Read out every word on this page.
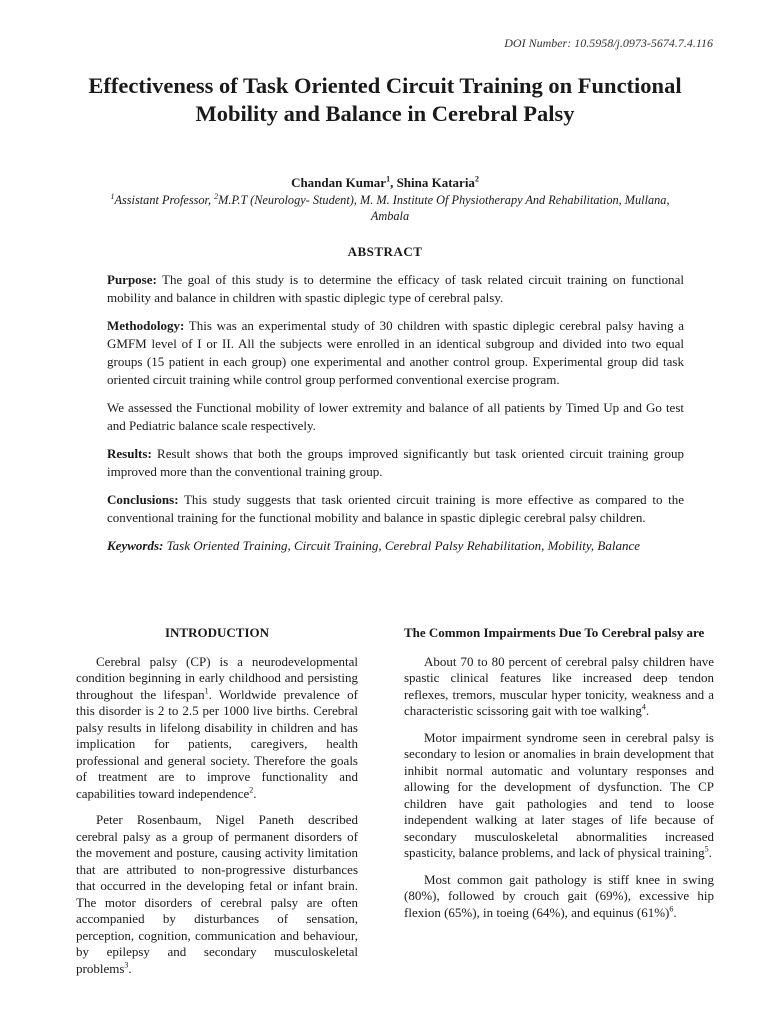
DOI Number: 10.5958/j.0973-5674.7.4.116
Effectiveness of Task Oriented Circuit Training on Functional Mobility and Balance in Cerebral Palsy
Chandan Kumar$^1$, Shina Kataria$^2$
$^1$Assistant Professor, $^2$M.P.T (Neurology- Student), M. M. Institute Of Physiotherapy And Rehabilitation, Mullana, Ambala
ABSTRACT

Purpose: The goal of this study is to determine the efficacy of task related circuit training on functional mobility and balance in children with spastic diplegic type of cerebral palsy.

Methodology: This was an experimental study of 30 children with spastic diplegic cerebral palsy having a GMFM level of I or II. All the subjects were enrolled in an identical subgroup and divided into two equal groups (15 patient in each group) one experimental and another control group. Experimental group did task oriented circuit training while control group performed conventional exercise program.

We assessed the Functional mobility of lower extremity and balance of all patients by Timed Up and Go test and Pediatric balance scale respectively.

Results: Result shows that both the groups improved significantly but task oriented circuit training group improved more than the conventional training group.

Conclusions: This study suggests that task oriented circuit training is more effective as compared to the conventional training for the functional mobility and balance in spastic diplegic cerebral palsy children.

Keywords: Task Oriented Training, Circuit Training, Cerebral Palsy Rehabilitation, Mobility, Balance

INTRODUCTION

Cerebral palsy (CP) is a neurodevelopmental condition beginning in early childhood and persisting throughout the lifespan$^1$. Worldwide prevalence of this disorder is 2 to 2.5 per 1000 live births. Cerebral palsy results in lifelong disability in children and has implication for patients, caregivers, health professional and general society. Therefore the goals of treatment are to improve functionality and capabilities toward independence$^2$.

Peter Rosenbaum, Nigel Paneth described cerebral palsy as a group of permanent disorders of the movement and posture, causing activity limitation that are attributed to non-progressive disturbances that occurred in the developing fetal or infant brain. The motor disorders of cerebral palsy are often accompanied by disturbances of sensation, perception, cognition, communication and behaviour, by epilepsy and secondary musculoskeletal problems$^3$.

The Common Impairments Due To Cerebral palsy are

About 70 to 80 percent of cerebral palsy children have spastic clinical features like increased deep tendon reflexes, tremors, muscular hyper tonicity, weakness and a characteristic scissoring gait with toe walking$^4$.

Motor impairment syndrome seen in cerebral palsy is secondary to lesion or anomalies in brain development that inhibit normal automatic and voluntary responses and allowing for the development of dysfunction. The CP children have gait pathologies and tend to loose independent walking at later stages of life because of secondary musculoskeletal abnormalities increased spasticity, balance problems, and lack of physical training$^5$.

Most common gait pathology is stiff knee in swing (80%), followed by crouch gait (69%), excessive hip flexion (65%), in toeing (64%), and equinus $(61\%)^6$.
